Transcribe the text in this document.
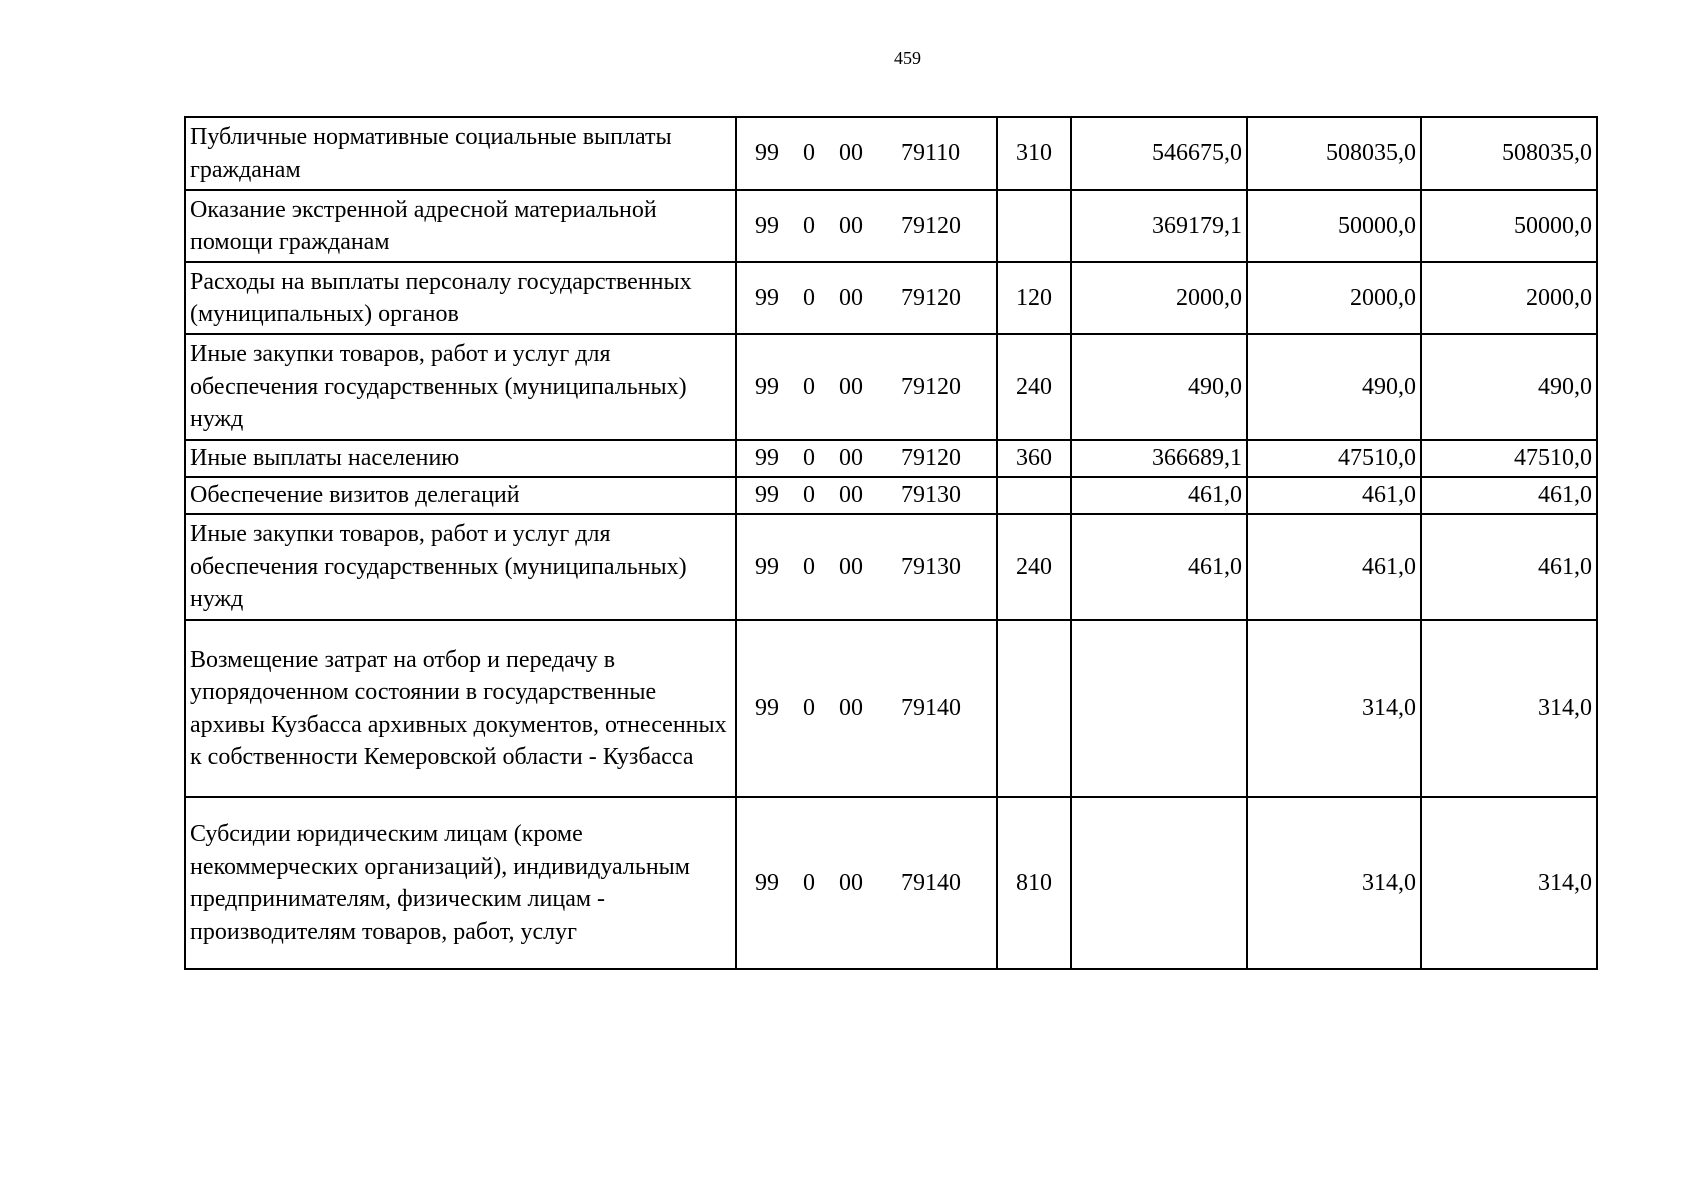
459
Публичные нормативные социальные выплаты гражданам	99 0 00 79110	310	546675,0	508035,0	508035,0
Оказание экстренной адресной материальной помощи гражданам	99 0 00 79120		369179,1	50000,0	50000,0
Расходы на выплаты персоналу государственных (муниципальных) органов	99 0 00 79120	120	2000,0	2000,0	2000,0
Иные закупки товаров, работ и услуг для обеспечения государственных (муниципальных) нужд	99 0 00 79120	240	490,0	490,0	490,0
Иные выплаты населению	99 0 00 79120	360	366689,1	47510,0	47510,0
Обеспечение визитов делегаций	99 0 00 79130		461,0	461,0	461,0
Иные закупки товаров, работ и услуг для обеспечения государственных (муниципальных) нужд	99 0 00 79130	240	461,0	461,0	461,0
Возмещение затрат на отбор и передачу в упорядоченном состоянии в государственные архивы Кузбасса архивных документов, отнесенных к собственности Кемеровской области - Кузбасса	99 0 00 79140			314,0	314,0
Субсидии юридическим лицам (кроме некоммерческих организаций), индивидуальным предпринимателям, физическим лицам - производителям товаров, работ, услуг	99 0 00 79140	810		314,0	314,0
